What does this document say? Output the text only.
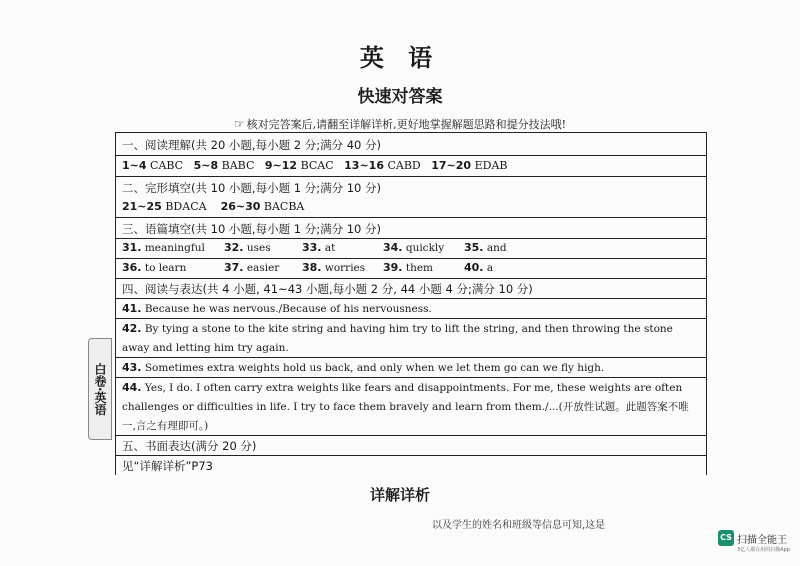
英 语
快速对答案
☞ 核对完答案后,请翻至详解详析,更好地掌握解题思路和提分技法哦!
一、阅读理解(共 20 小题,每小题 2 分;满分 40 分)
1~4 CABC 5~8 BABC 9~12 BCAC 13~16 CABD 17~20 EDAB
二、完形填空(共 10 小题,每小题 1 分;满分 10 分)
21~25 BDACA 26~30 BACBA
三、语篇填空(共 10 小题,每小题 1 分;满分 10 分)
31. meaningful 32. uses	33. at	34. quickly 35. and
36. to learn	37. easier 38. worries 39. them	40. a
四、阅读与表达(共 4 小题, 41~43 小题,每小题 2 分, 44 小题 4 分;满分 10 分)
41. Because he was nervous./Because of his nervousness.
42. By tying a stone to the kite string and having him try to lift the string, and then throwing the stone away and letting him try again.
43. Sometimes extra weights hold us back, and only when we let them go can we fly high.
44. Yes, I do. I often carry extra weights like fears and disappointments. For me, these weights are often challenges or difficulties in life. I try to face them bravely and learn from them./...(开放性试题。此题答案不唯一,言之有理即可。)
五、书面表达(满分 20 分)
见“详解详析”P73
白卷·英语
详解详析
以及学生的姓名和班级等信息可知,这是
CS 扫描全能王
3亿人都在用的扫描App
